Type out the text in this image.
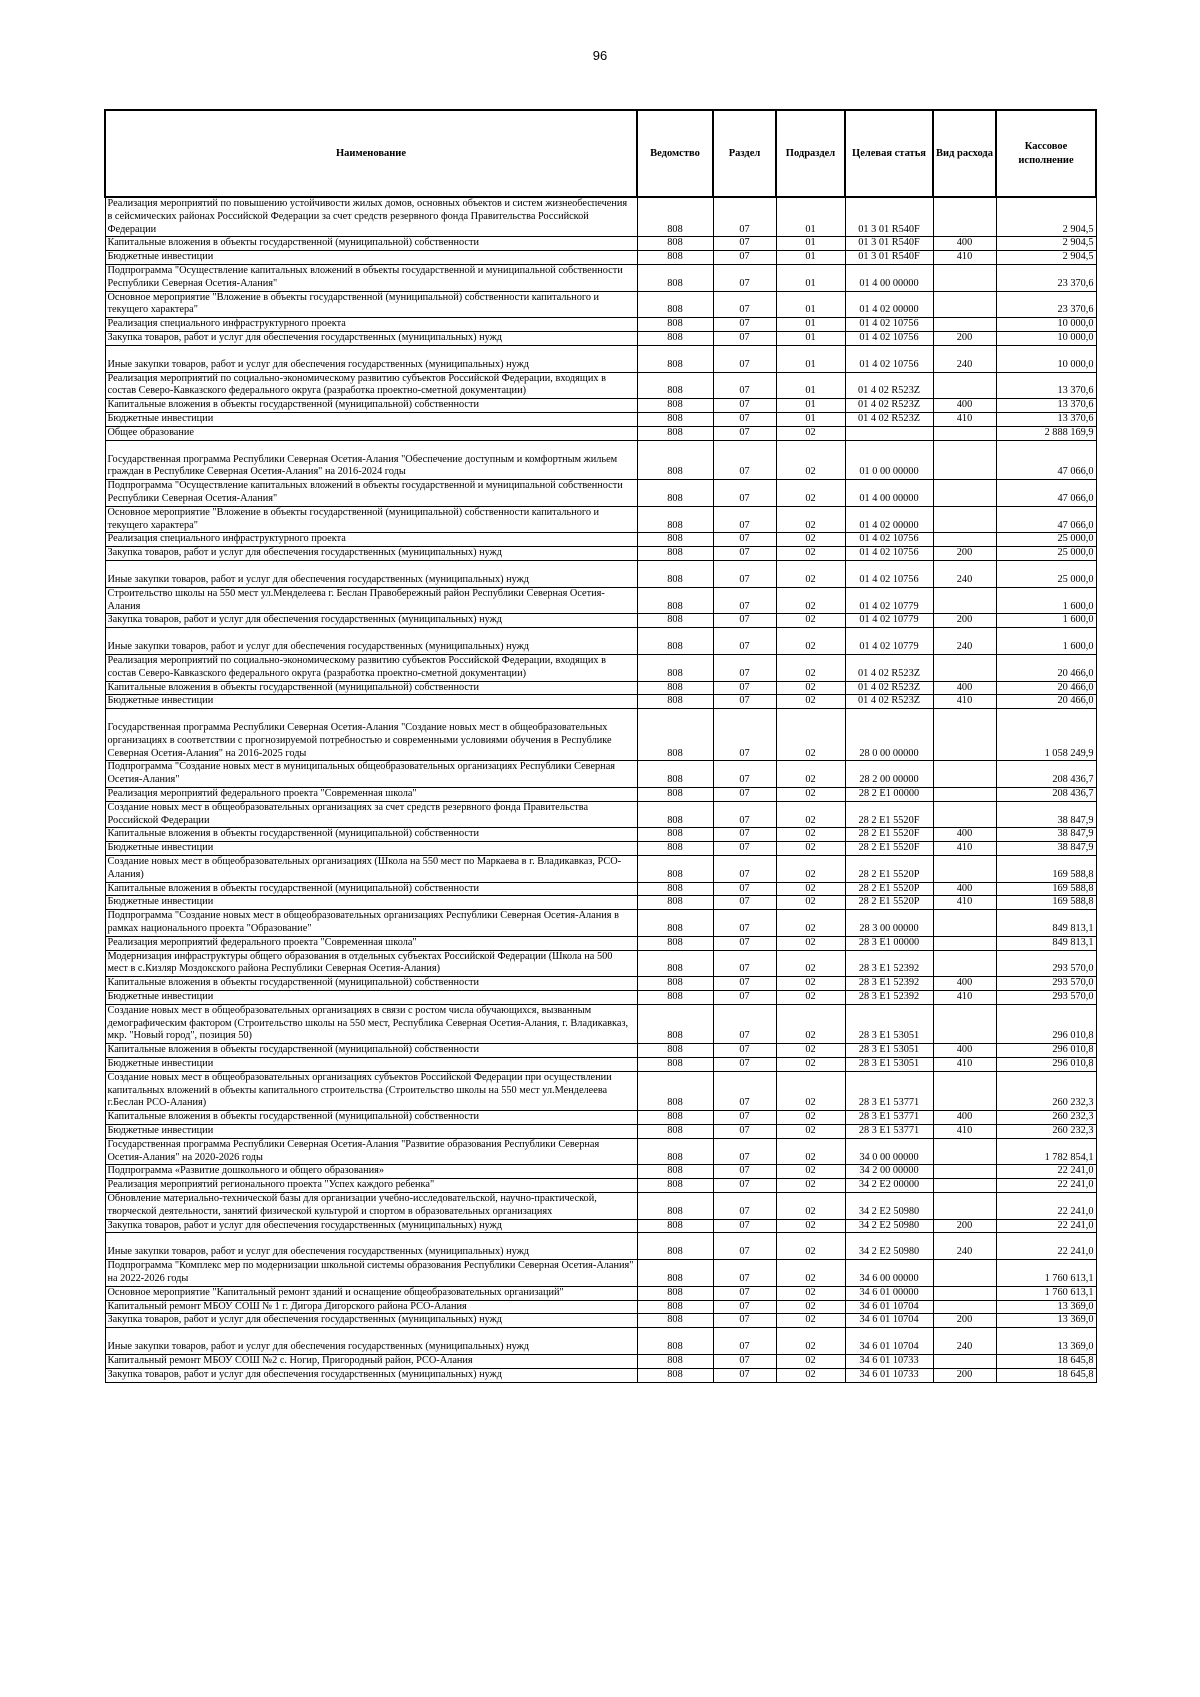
96
Наименование	Ведомство	Раздел	Подраздел	Целевая статья	Вид расхода	Кассовое исполнение
Реализация мероприятий по повышению устойчивости жилых домов, основных объектов и систем жизнеобеспечения в сейсмических районах Российской Федерации за счет средств резервного фонда Правительства Российской Федерации	808	07	01	01 3 01 R540F		2 904,5
Капитальные вложения в объекты государственной (муниципальной) собственности	808	07	01	01 3 01 R540F	400	2 904,5
Бюджетные инвестиции	808	07	01	01 3 01 R540F	410	2 904,5
Подпрограмма "Осуществление капитальных вложений в объекты государственной и муниципальной собственности Республики Северная Осетия-Алания"	808	07	01	01 4 00 00000		23 370,6
Основное мероприятие "Вложение в объекты государственной (муниципальной) собственности капитального и текущего характера"	808	07	01	01 4 02 00000		23 370,6
Реализация специального инфраструктурного проекта	808	07	01	01 4 02 10756		10 000,0
Закупка товаров, работ и услуг для обеспечения государственных (муниципальных) нужд	808	07	01	01 4 02 10756	200	10 000,0
Иные закупки товаров, работ и услуг для обеспечения государственных (муниципальных) нужд	808	07	01	01 4 02 10756	240	10 000,0
Реализация мероприятий по социально-экономическому развитию субъектов Российской Федерации, входящих в состав Северо-Кавказского федерального округа (разработка проектно-сметной документации)	808	07	01	01 4 02 R523Z		13 370,6
Капитальные вложения в объекты государственной (муниципальной) собственности	808	07	01	01 4 02 R523Z	400	13 370,6
Бюджетные инвестиции	808	07	01	01 4 02 R523Z	410	13 370,6
Общее образование	808	07	02			2 888 169,9
Государственная программа Республики Северная Осетия-Алания "Обеспечение доступным и комфортным жильем граждан в Республике Северная Осетия-Алания" на 2016-2024 годы	808	07	02	01 0 00 00000		47 066,0
Подпрограмма "Осуществление капитальных вложений в объекты государственной и муниципальной собственности Республики Северная Осетия-Алания"	808	07	02	01 4 00 00000		47 066,0
Основное мероприятие "Вложение в объекты государственной (муниципальной) собственности капитального и текущего характера"	808	07	02	01 4 02 00000		47 066,0
Реализация специального инфраструктурного проекта	808	07	02	01 4 02 10756		25 000,0
Закупка товаров, работ и услуг для обеспечения государственных (муниципальных) нужд	808	07	02	01 4 02 10756	200	25 000,0
Иные закупки товаров, работ и услуг для обеспечения государственных (муниципальных) нужд	808	07	02	01 4 02 10756	240	25 000,0
Строительство школы на 550 мест ул.Менделеева г. Беслан Правобережный район Республики Северная Осетия-Алания	808	07	02	01 4 02 10779		1 600,0
Закупка товаров, работ и услуг для обеспечения государственных (муниципальных) нужд	808	07	02	01 4 02 10779	200	1 600,0
Иные закупки товаров, работ и услуг для обеспечения государственных (муниципальных) нужд	808	07	02	01 4 02 10779	240	1 600,0
Реализация мероприятий по социально-экономическому развитию субъектов Российской Федерации, входящих в состав Северо-Кавказского федерального округа (разработка проектно-сметной документации)	808	07	02	01 4 02 R523Z		20 466,0
Капитальные вложения в объекты государственной (муниципальной) собственности	808	07	02	01 4 02 R523Z	400	20 466,0
Бюджетные инвестиции	808	07	02	01 4 02 R523Z	410	20 466,0
Государственная программа Республики Северная Осетия-Алания "Создание новых мест в общеобразовательных организациях в соответствии с прогнозируемой потребностью и современными условиями обучения в Республике Северная Осетия-Алания" на 2016-2025 годы	808	07	02	28 0 00 00000		1 058 249,9
Подпрограмма "Создание новых мест в муниципальных общеобразовательных организациях Республики Северная Осетия-Алания"	808	07	02	28 2 00 00000		208 436,7
Реализация мероприятий федерального проекта "Современная школа"	808	07	02	28 2 E1 00000		208 436,7
Создание новых мест в общеобразовательных организациях за счет средств резервного фонда Правительства Российской Федерации	808	07	02	28 2 E1 5520F		38 847,9
Капитальные вложения в объекты государственной (муниципальной) собственности	808	07	02	28 2 E1 5520F	400	38 847,9
Бюджетные инвестиции	808	07	02	28 2 E1 5520F	410	38 847,9
Создание новых мест в общеобразовательных организациях (Школа на 550 мест по Маркаева в г. Владикавказ, РСО-Алания)	808	07	02	28 2 E1 5520P		169 588,8
Капитальные вложения в объекты государственной (муниципальной) собственности	808	07	02	28 2 E1 5520P	400	169 588,8
Бюджетные инвестиции	808	07	02	28 2 E1 5520P	410	169 588,8
Подпрограмма "Создание новых мест в общеобразовательных организациях Республики Северная Осетия-Алания в рамках национального проекта "Образование"	808	07	02	28 3 00 00000		849 813,1
Реализация мероприятий федерального проекта "Современная школа"	808	07	02	28 3 E1 00000		849 813,1
Модернизация инфраструктуры общего образования в отдельных субъектах Российской Федерации (Школа на 500 мест в с.Кизляр Моздокского района Республики Северная Осетия-Алания)	808	07	02	28 3 E1 52392		293 570,0
Капитальные вложения в объекты государственной (муниципальной) собственности	808	07	02	28 3 E1 52392	400	293 570,0
Бюджетные инвестиции	808	07	02	28 3 E1 52392	410	293 570,0
Создание новых мест в общеобразовательных организациях в связи с ростом числа обучающихся, вызванным демографическим фактором (Строительство школы на 550 мест, Республика Северная Осетия-Алания, г. Владикавказ, мкр. "Новый город", позиция 50)	808	07	02	28 3 E1 53051		296 010,8
Капитальные вложения в объекты государственной (муниципальной) собственности	808	07	02	28 3 E1 53051	400	296 010,8
Бюджетные инвестиции	808	07	02	28 3 E1 53051	410	296 010,8
Создание новых мест в общеобразовательных организациях субъектов Российской Федерации при осуществлении капитальных вложений в объекты капитального строительства (Строительство школы на 550 мест ул.Менделеева г.Беслан РСО-Алания)	808	07	02	28 3 E1 53771		260 232,3
Капитальные вложения в объекты государственной (муниципальной) собственности	808	07	02	28 3 E1 53771	400	260 232,3
Бюджетные инвестиции	808	07	02	28 3 E1 53771	410	260 232,3
Государственная программа Республики Северная Осетия-Алания "Развитие образования Республики Северная Осетия-Алания" на 2020-2026 годы	808	07	02	34 0 00 00000		1 782 854,1
Подпрограмма «Развитие дошкольного и общего образования»	808	07	02	34 2 00 00000		22 241,0
Реализация мероприятий регионального проекта "Успех каждого ребенка"	808	07	02	34 2 E2 00000		22 241,0
Обновление материально-технической базы для организации учебно-исследовательской, научно-практической, творческой деятельности, занятий физической культурой и спортом в образовательных организациях	808	07	02	34 2 E2 50980		22 241,0
Закупка товаров, работ и услуг для обеспечения государственных (муниципальных) нужд	808	07	02	34 2 E2 50980	200	22 241,0
Иные закупки товаров, работ и услуг для обеспечения государственных (муниципальных) нужд	808	07	02	34 2 E2 50980	240	22 241,0
Подпрограмма "Комплекс мер по модернизации школьной системы образования Республики Северная Осетия-Алания" на 2022-2026 годы	808	07	02	34 6 00 00000		1 760 613,1
Основное мероприятие "Капитальный ремонт зданий и оснащение общеобразовательных организаций"	808	07	02	34 6 01 00000		1 760 613,1
Капитальный ремонт МБОУ СОШ № 1 г. Дигора Дигорского района РСО-Алания	808	07	02	34 6 01 10704		13 369,0
Закупка товаров, работ и услуг для обеспечения государственных (муниципальных) нужд	808	07	02	34 6 01 10704	200	13 369,0
Иные закупки товаров, работ и услуг для обеспечения государственных (муниципальных) нужд	808	07	02	34 6 01 10704	240	13 369,0
Капитальный ремонт МБОУ СОШ №2 с. Ногир, Пригородный район, РСО-Алания	808	07	02	34 6 01 10733		18 645,8
Закупка товаров, работ и услуг для обеспечения государственных (муниципальных) нужд	808	07	02	34 6 01 10733	200	18 645,8
